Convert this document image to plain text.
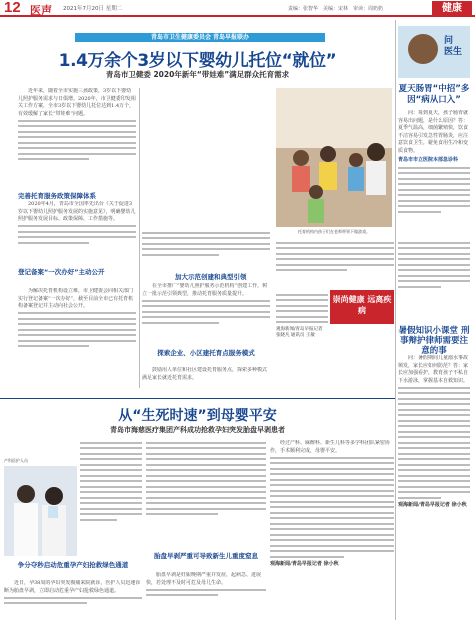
12 医声 2021年7月20日 星期二	责编：张智华　美编：宋林　审读：周奶奶	健康
青岛市卫生健康委员会 青岛早报联办
1.4万余个3岁以下婴幼儿托位“就位”
青岛市卫健委 2020年新年“带娃难”满足群众托育需求

近年来，随着全市实施三孩政策，3岁以下婴幼儿照护服务需求与日俱增。2020年，市卫健委印发相关工作方案，全市3岁以下婴幼儿托位达到1.4万个，有效缓解了家长“带娃难”问题。

完善托育服务政策保障体系

2020年4月，青岛市全国率先出台《关于促进3岁以下婴幼儿照护服务发展的实施意见》，明确婴幼儿照护服务发展目标、政策保障、工作措施等。

登记备案“一次办好”主动公开

为解决托育机构设立难，市卫健委会同相关部门实行登记备案“一次办好”，截至目前全市已有托育机构备案登记并主动向社会公开。

加大示范创建和典型引领

在全市推广“婴幼儿照护服务示范机构”创建工作，树立一批示范引领典型，推动托育服务质量提升。

探索企业、小区建托育点服务模式

鼓励用人单位和社区建设托育服务点，探索多种模式满足家长就近托育需求。

托育机构内孩子们在老师带领下做游戏。

观海新闻/青岛早报记者 张晓凡 通讯员 王敏

崇尚健康 远离疾病
问
医生
夏天肠胃“中招”多因“病从口入”

问：每到夏天，孩子肠胃就容易出问题，是什么原因？答：夏季气温高，细菌繁殖快，饮食不洁容易引发急性胃肠炎，应注意饮食卫生，避免食用生冷和变质食物。

青岛市市立医院本部急诊科

暑假知识小课堂 刑事辩护律师需要注意的事

问：暑假期间儿童溺水事故频发，家长应如何防范？答：家长应加强看护，教育孩子不私自下水游泳，掌握基本自救知识。

观海新闻/青岛早报记者 徐小秋

从“生死时速”到母婴平安
青岛市海慈医疗集团产科成功抢救孕妇突发胎盘早剥患者
产科医护人员
争分夺秒启动危重孕产妇抢救绿色通道

近日，孕38周的孕妇突发腹痛来院就诊，医护人员迅速诊断为胎盘早剥，立即启动危重孕产妇抢救绿色通道。

胎盘早剥严重可导致新生儿重度窒息

胎盘早剥是妊娠晚期严重并发症，起病急、进展快，若处理不及时可危及母儿生命。

经过产科、麻醉科、新生儿科等多学科团队紧密协作，手术顺利完成，母婴平安。

观海新闻/青岛早报记者 徐小秋
